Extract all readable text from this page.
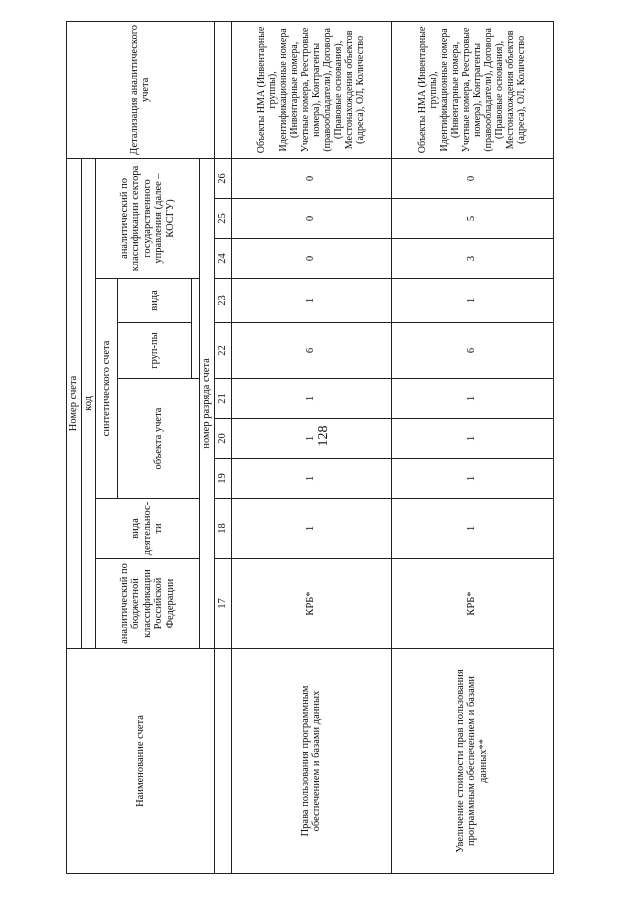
128
Наименование счета	Номер счета										Детализация аналитического учета
	код										
	аналитический по бюджетной классификации Российской Федерации	вида деятельнос-ти	синтетического счета					аналитический по классификации сектора государственного управления (далее – КОСГУ)			
			объекта учета			груп-пы	вида				

	номер разряда счета										
	17	18	19	20	21	22	23	24	25	26	
Права пользования программным обеспечением и базами данных	КРБ*	1	1	1	1	6	1	0	0	0	Объекты НМА (Инвентарные группы), Идентификационные номера (Инвентарные номера, Учетные номера, Реестровые номера), Контрагенты (правообладатели), Договора (Правовые основания), Местонахождения объектов (адреса), ОЛ, Количество
Увеличение стоимости прав пользования программным обеспечением и базами данных**	КРБ*	1	1	1	1	6	1	3	5	0	Объекты НМА (Инвентарные группы), Идентификационные номера (Инвентарные номера, Учетные номера, Реестровые номера), Контрагенты (правообладатели), Договора (Правовые основания), Местонахождения объектов (адреса), ОЛ, Количество
